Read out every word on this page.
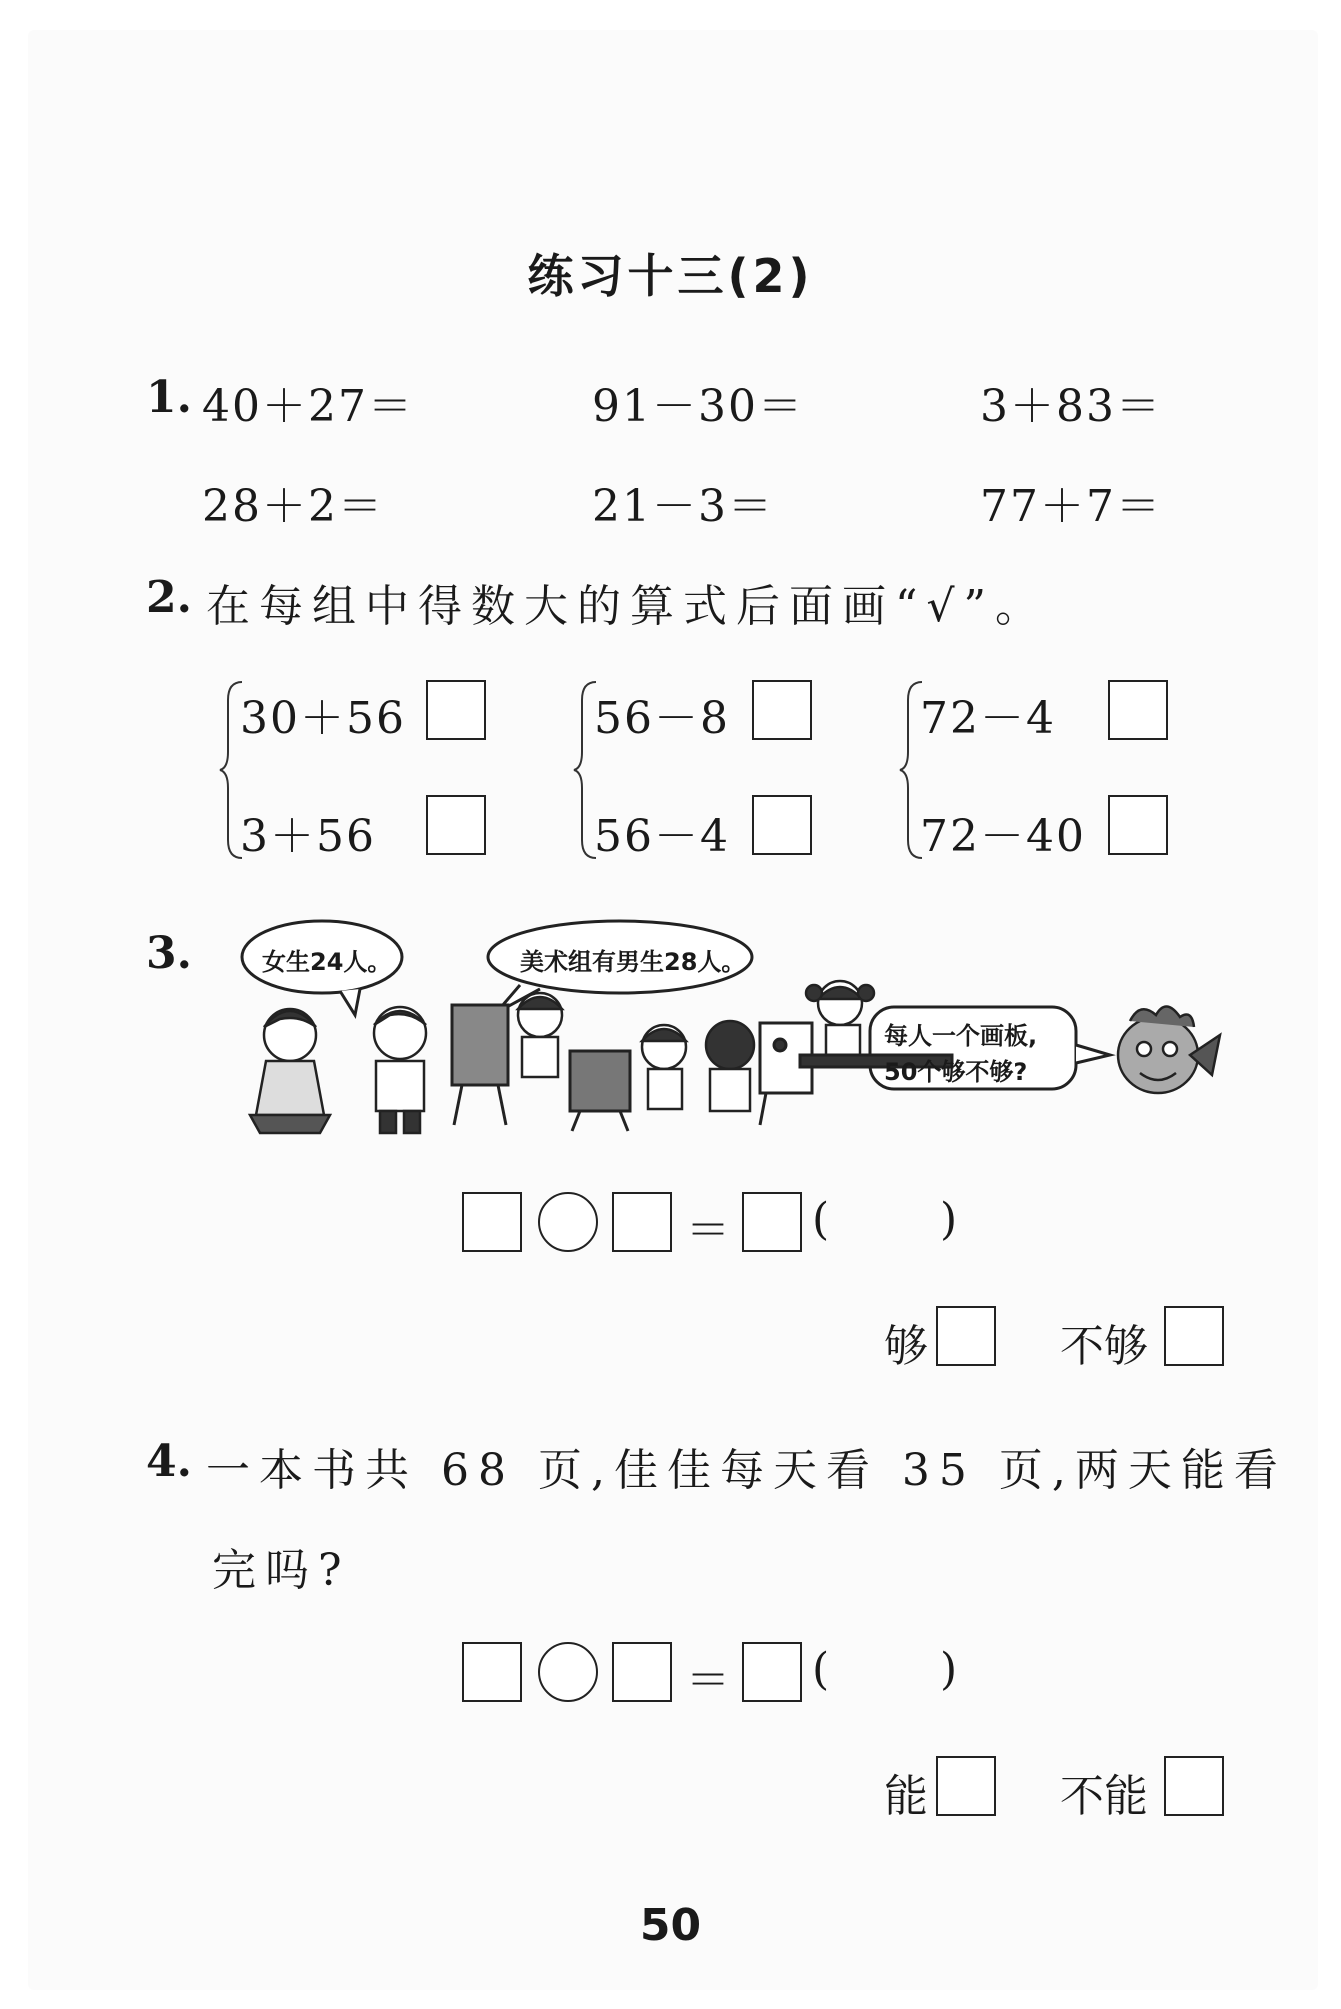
练习十三(2)
1. 40＋27＝	91－30＝	3＋83＝
28＋2＝	21－3＝	77＋7＝
2. 在每组中得数大的算式后面画“√”。
30＋56
3＋56
56－8
56－4
72－4
72－40
3.	女生24人。	美术组有男生28人。
每人一个画板,
50个够不够?
＝ ( )
够	不够
4. 一本书共 68 页,佳佳每天看 35 页,两天能看
完吗?
＝ ( )
能	不能
50
